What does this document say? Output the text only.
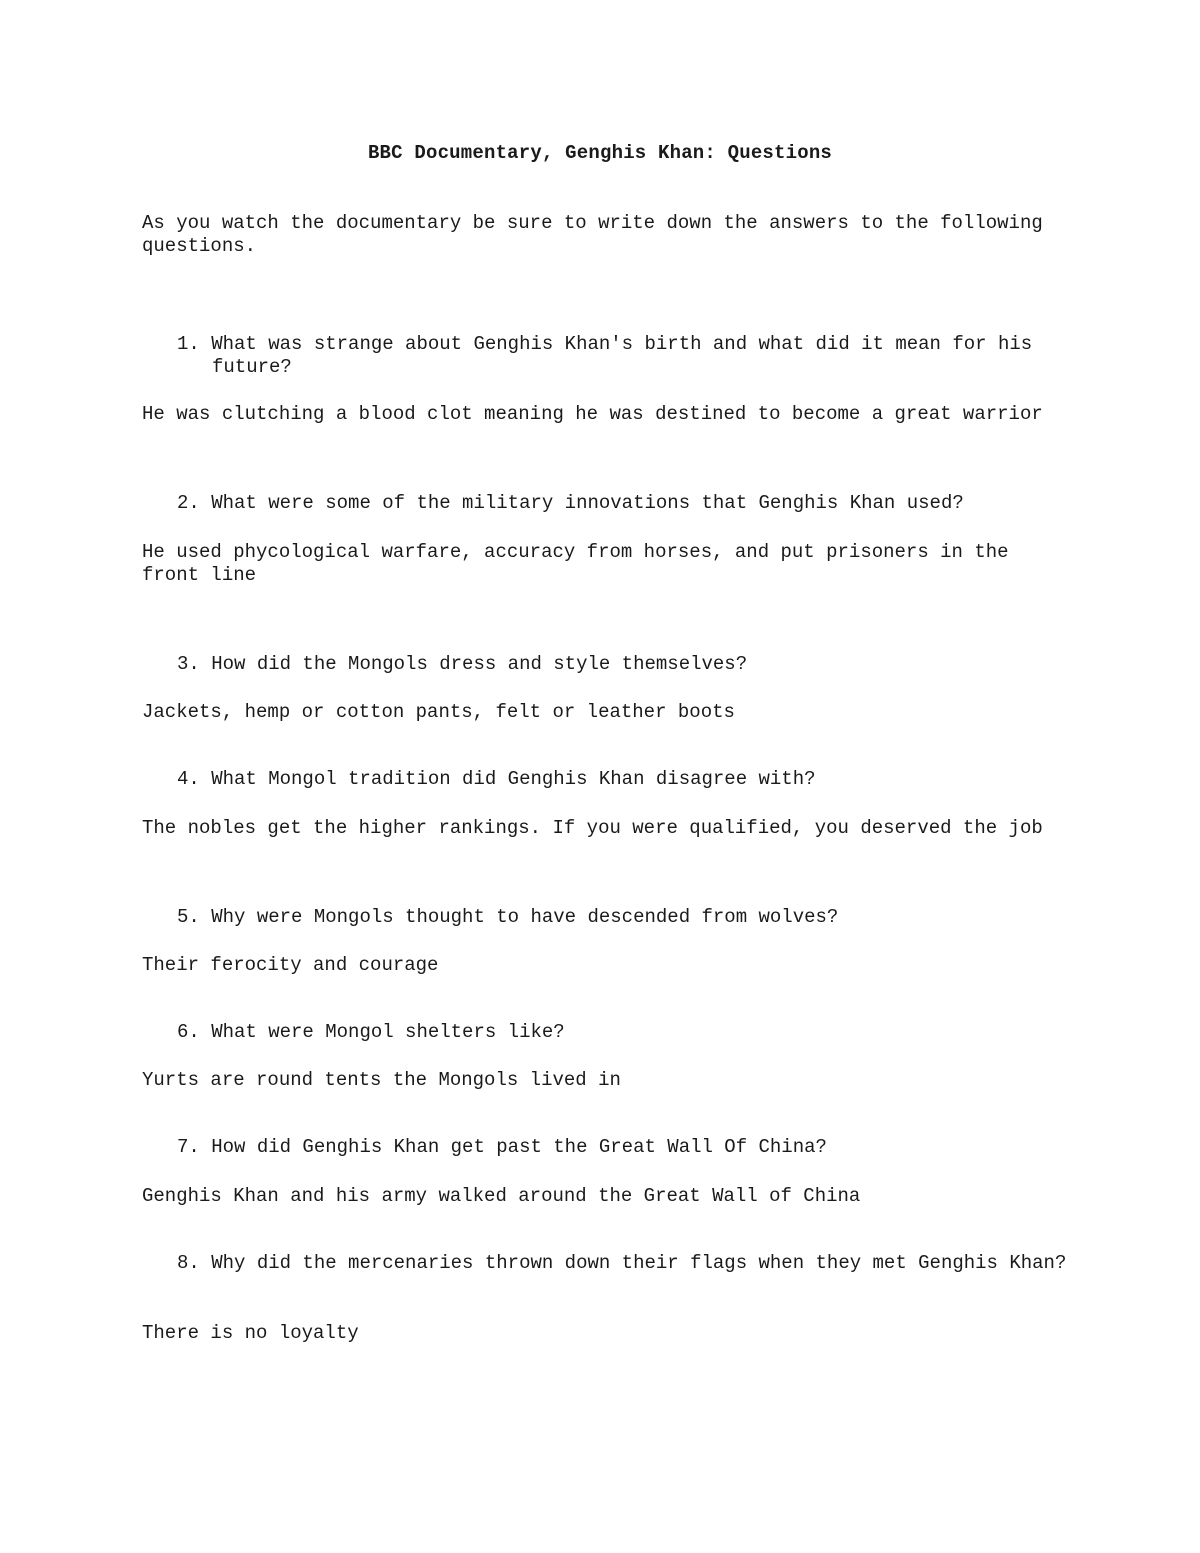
BBC Documentary, Genghis Khan: Questions
As you watch the documentary be sure to write down the answers to the following questions.
1. What was strange about Genghis Khan's birth and what did it mean for his future?
He was clutching a blood clot meaning he was destined to become a great warrior
2. What were some of the military innovations that Genghis Khan used?
He used phycological warfare, accuracy from horses, and put prisoners in the front line
3. How did the Mongols dress and style themselves?
Jackets, hemp or cotton pants, felt or leather boots
4. What Mongol tradition did Genghis Khan disagree with?
The nobles get the higher rankings. If you were qualified, you deserved the job
5. Why were Mongols thought to have descended from wolves?
Their ferocity and courage
6. What were Mongol shelters like?
Yurts are round tents the Mongols lived in
7. How did Genghis Khan get past the Great Wall Of China?
Genghis Khan and his army walked around the Great Wall of China
8. Why did the mercenaries thrown down their flags when they met Genghis Khan?
There is no loyalty
